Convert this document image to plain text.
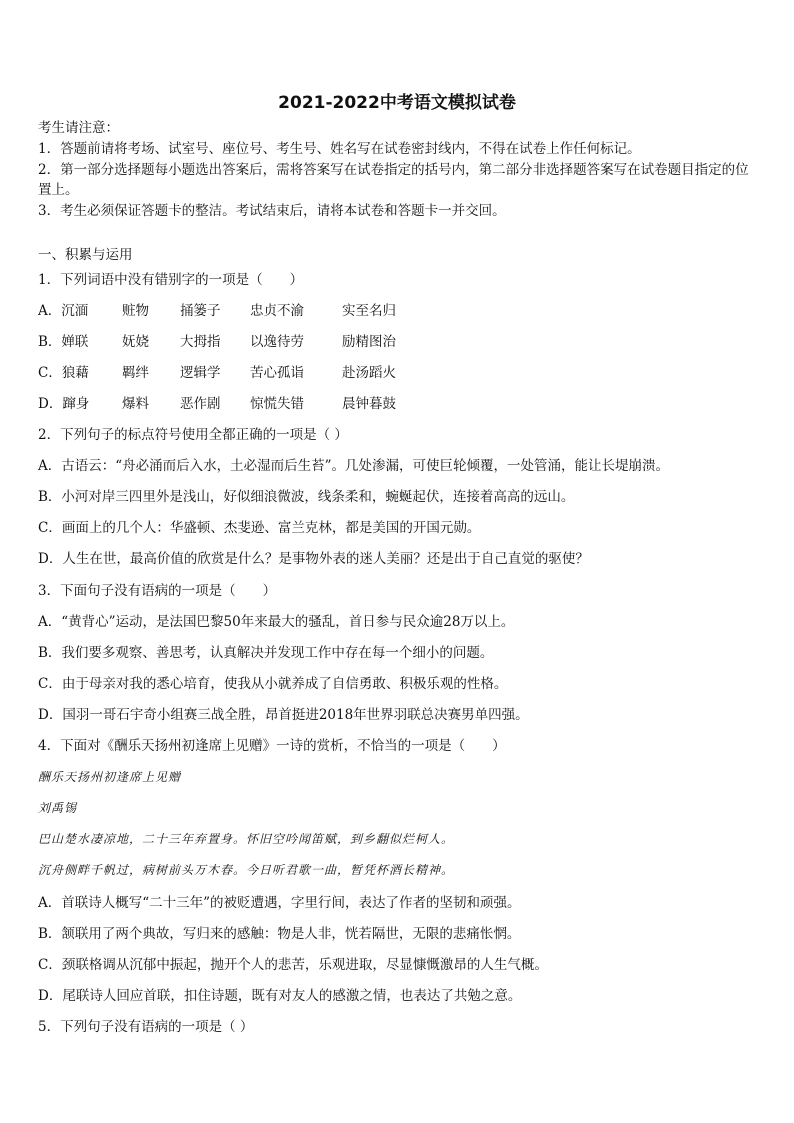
2021-2022中考语文模拟试卷
考生请注意：
1．答题前请将考场、试室号、座位号、考生号、姓名写在试卷密封线内，不得在试卷上作任何标记。
2．第一部分选择题每小题选出答案后，需将答案写在试卷指定的括号内，第二部分非选择题答案写在试卷题目指定的位置上。
3．考生必须保证答题卡的整洁。考试结束后，请将本试卷和答题卡一并交回。
一、积累与运用
1．下列词语中没有错别字的一项是（　　）
A．沉湎	赃物 捅篓子 忠贞不渝	实至名归
B．婵联 妩娆 大拇指 以逸待劳	励精图治
C．狼藉 羁绊 逻辑学 苦心孤诣	赴汤蹈火
D．蹿身 爆料 恶作剧 惊慌失错	晨钟暮鼓
2．下列句子的标点符号使用全都正确的一项是（ ）
A．古语云：“舟必涌而后入水，土必湿而后生苔”。几处渗漏，可使巨轮倾覆，一处管涌，能让长堤崩溃。
B．小河对岸三四里外是浅山，好似细浪微波，线条柔和，蜿蜒起伏，连接着高高的远山。
C．画面上的几个人：华盛顿、杰斐逊、富兰克林，都是美国的开国元勋。
D．人生在世，最高价值的欣赏是什么？是事物外表的迷人美丽？还是出于自己直觉的驱使？
3．下面句子没有语病的一项是（　　）
A．“黄背心”运动，是法国巴黎50年来最大的骚乱，首日参与民众逾28万以上。
B．我们要多观察、善思考，认真解决并发现工作中存在每一个细小的问题。
C．由于母亲对我的悉心培育，使我从小就养成了自信勇敢、积极乐观的性格。
D．国羽一哥石宇奇小组赛三战全胜，昂首挺进2018年世界羽联总决赛男单四强。
4．下面对《酬乐天扬州初逢席上见赠》一诗的赏析，不恰当的一项是（　　）
酬乐天扬州初逢席上见赠
刘禹锡
巴山楚水凄凉地，二十三年弃置身。怀旧空吟闻笛赋，到乡翻似烂柯人。
沉舟侧畔千帆过，病树前头万木春。今日听君歌一曲，暂凭杯酒长精神。
A．首联诗人概写“二十三年”的被贬遭遇，字里行间，表达了作者的坚韧和顽强。
B．颔联用了两个典故，写归来的感触：物是人非，恍若隔世，无限的悲痛怅惘。
C．颈联格调从沉郁中振起，抛开个人的悲苦，乐观进取，尽显慷慨激昂的人生气概。
D．尾联诗人回应首联，扣住诗题，既有对友人的感激之情，也表达了共勉之意。
5．下列句子没有语病的一项是（ ）
